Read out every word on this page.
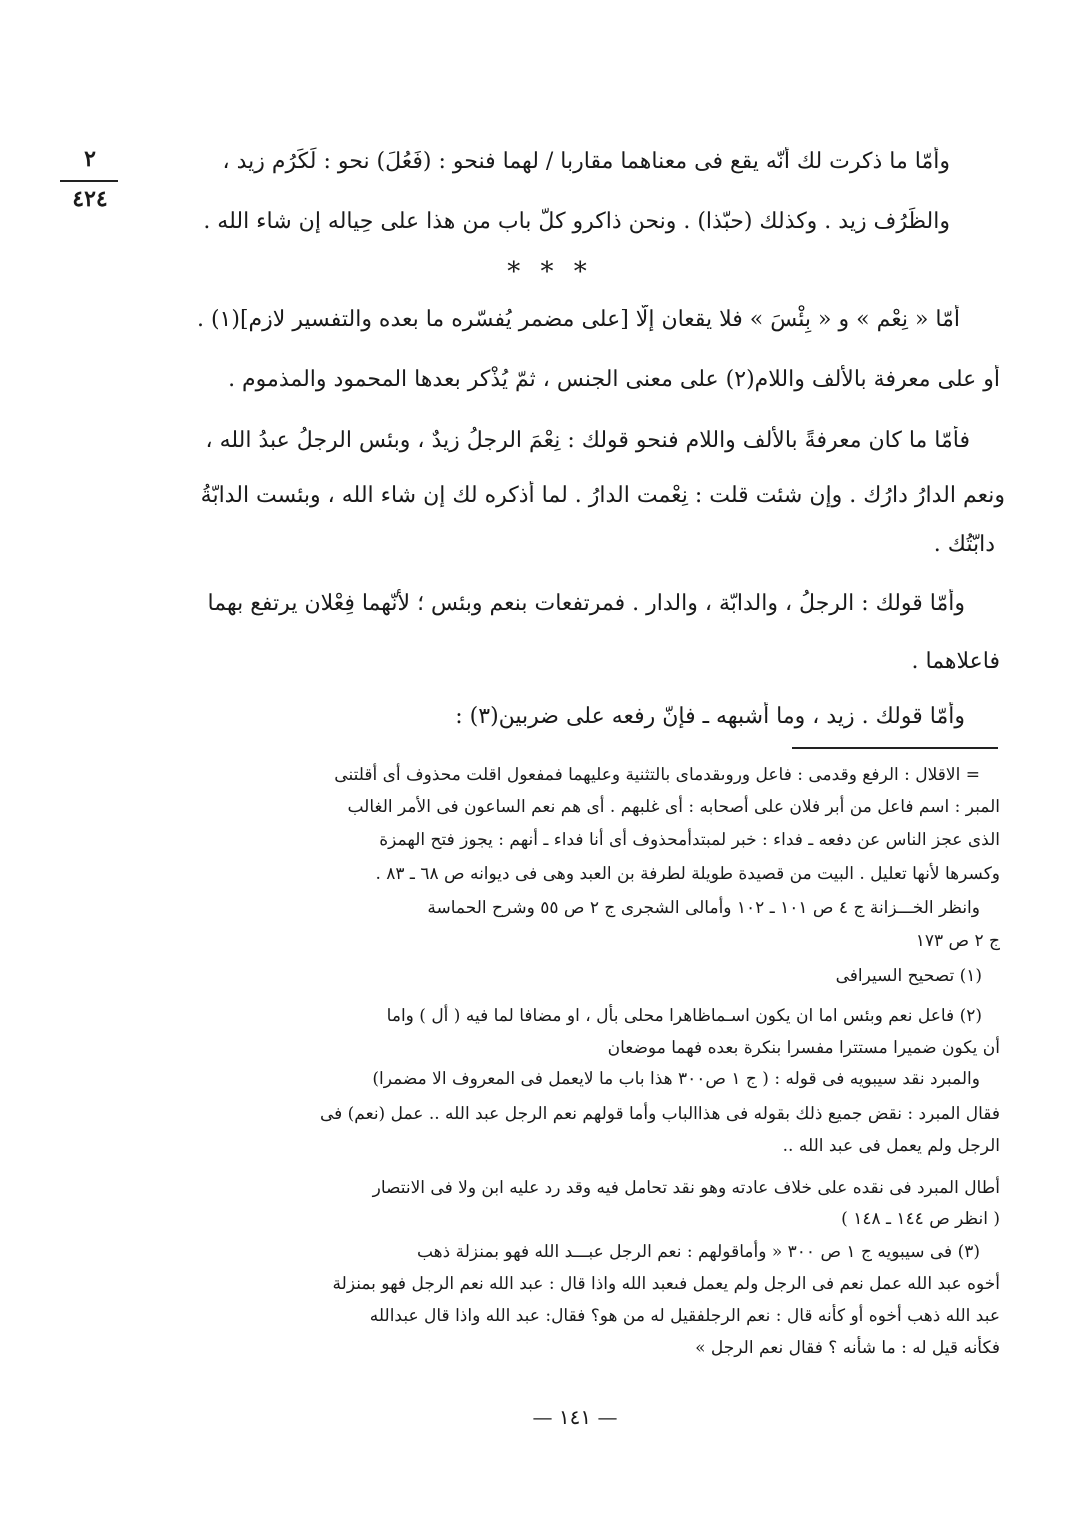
٢
٤٢٤
وأمّا ما ذكرت لك أنّه يقع فى معناهما مقاربا / لهما فنحو : (فَعُلَ) نحو : لَكَرُم زيد ،
والظَرُف زيد . وكذلك (حبّذا) . ونحن ذاكرو كلّ باب من هذا على حِياله إن شاء الله .
* * *
أمّا « نِعْم » و « بِئْسَ » فلا يقعان إلّا [على مضمر يُفسّره ما بعده والتفسير لازم](١) .
أو على معرفة بالألف واللام(٢) على معنى الجنس ، ثمّ يُذْكر بعدها المحمود والمذموم .
فأمّا ما كان معرفةً بالألف واللام فنحو قولك : نِعْمَ الرجلُ زيدٌ ، وبئس الرجلُ عبدُ الله ،
ونعم الدارُ دارُك . وإن شئت قلت : نِعْمت الدارُ . لما أذكره لك إن شاء الله ، وبئست الدابّةُ
دابّتُك .
وأمّا قولك : الرجلُ ، والدابّة ، والدار . فمرتفعات بنعم وبئس ؛ لأنّهما فِعْلان يرتفع بهما
فاعلاهما .
وأمّا قولك . زيد ، وما أشبهه ـ فإنّ رفعه على ضربين(٣) :
= الاقلال : الرفع وقدمى : فاعل وروىقدماى بالتثنية وعليهما فمفعول اقلت محذوف أى أقلتنى
المبر : اسم فاعل من أبر فلان على أصحابه : أى غلبهم . أى هم نعم الساعون فى الأمر الغالب
الذى عجز الناس عن دفعه ـ فداء : خبر لمبتدأمحذوف أى أنا فداء ـ أنهم : يجوز فتح الهمزة
وكسرها لأنها تعليل . البيت من قصيدة طويلة لطرفة بن العبد وهى فى ديوانه ص ٦٨ ـ ٨٣ .
وانظر الخـــزانة ج ٤ ص ١٠١ ـ ١٠٢ وأمالى الشجرى ج ٢ ص ٥٥ وشرح الحماسة
ج ٢ ص ١٧٣
(١) تصحيح السيرافى
(٢) فاعل نعم وبئس اما ان يكون اسـماظاهرا محلى بأل ، او مضافا لما فيه ( أل ) واما
أن يكون ضميرا مستترا مفسرا بنكرة بعده فهما موضعان
والمبرد نقد سيبويه فى قوله : ( ج ١ ص٣٠٠ هذا باب ما لايعمل فى المعروف الا مضمرا)
فقال المبرد : نقض جميع ذلك بقوله فى هذاالباب وأما قولهم نعم الرجل عبد الله .. عمل (نعم) فى
الرجل ولم يعمل فى عبد الله ..
أطال المبرد فى نقده على خلاف عادته وهو نقد تحامل فيه وقد رد عليه ابن ولا فى الانتصار
( انظر ص ١٤٤ ـ ١٤٨ )
(٣) فى سيبويه ج ١ ص ٣٠٠ « وأماقولهم : نعم الرجل عبـــد الله فهو بمنزلة ذهب
أخوه عبد الله عمل نعم فى الرجل ولم يعمل فىعبد الله واذا قال : عبد الله نعم الرجل فهو بمنزلة
عبد الله ذهب أخوه أو كأنه قال : نعم الرجلفقيل له من هو؟ فقال: عبد الله واذا قال عبدالله
فكأنه قيل له : ما شأنه ؟ فقال نعم الرجل »
— ١٤١ —
